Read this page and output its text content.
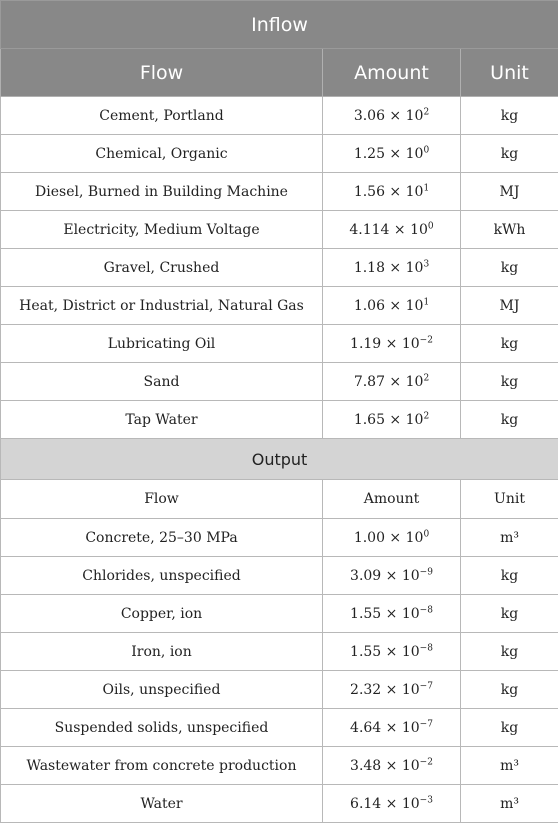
Inflow		
Flow	Amount	Unit
Cement, Portland	$3.06 \times 10^2$	kg
Chemical, Organic	$1.25 \times 10^0$	kg
Diesel, Burned in Building Machine	$1.56 \times 10^1$	MJ
Electricity, Medium Voltage	$4.114 \times 10^0$	kWh
Gravel, Crushed	$1.18 \times 10^3$	kg
Heat, District or Industrial, Natural Gas	$1.06 \times 10^1$	MJ
Lubricating Oil	$1.19 \times 10^{-2}$	kg
Sand	$7.87 \times 10^2$	kg
Tap Water	$1.65 \times 10^2$	kg
Output		
Flow	Amount	Unit
Concrete, 25–30 MPa	$1.00 \times 10^0$	m³
Chlorides, unspecified	$3.09 \times 10^{-9}$	kg
Copper, ion	$1.55 \times 10^{-8}$	kg
Iron, ion	$1.55 \times 10^{-8}$	kg
Oils, unspecified	$2.32 \times 10^{-7}$	kg
Suspended solids, unspecified	$4.64 \times 10^{-7}$	kg
Wastewater from concrete production	$3.48 \times 10^{-2}$	m³
Water	$6.14 \times 10^{-3}$	m³
